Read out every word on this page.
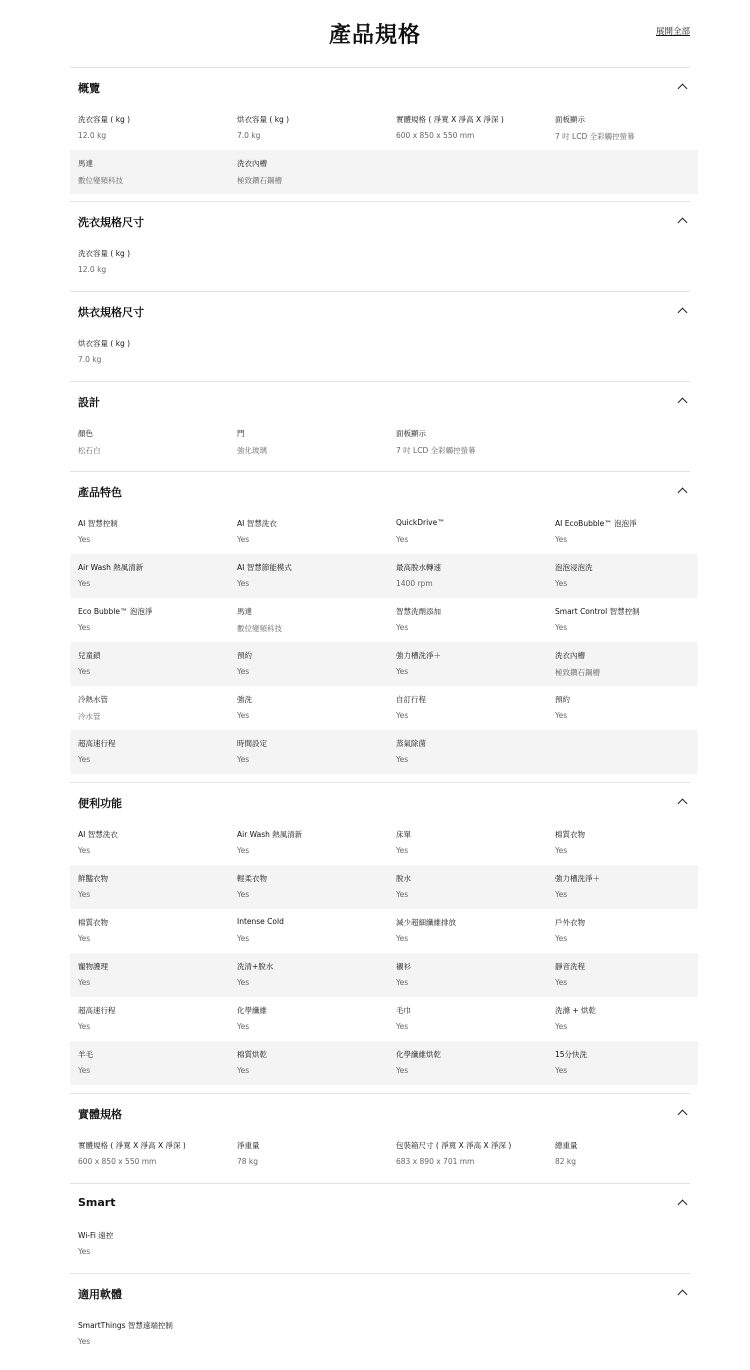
產品規格	展開全部
概覽
洗衣容量 ( kg )
12.0 kg
烘衣容量 ( kg )
7.0 kg
實體規格 ( 淨寬 X 淨高 X 淨深 )
600 x 850 x 550 mm
面板顯示
7 吋 LCD 全彩觸控螢幕
馬達
數位變頻科技
洗衣內槽
極致鑽石鋼槽
洗衣規格尺寸
洗衣容量 ( kg )
12.0 kg
烘衣規格尺寸
烘衣容量 ( kg )
7.0 kg
設計
顏色
松石白
門
強化玻璃
面板顯示
7 吋 LCD 全彩觸控螢幕
產品特色
AI 智慧控制
Yes
AI 智慧洗衣
Yes
QuickDrive™
Yes
AI EcoBubble™ 泡泡淨
Yes
Air Wash 熱風清新
Yes
AI 智慧節能模式
Yes
最高脫水轉速
1400 rpm
泡泡浸泡洗
Yes
Eco Bubble™ 泡泡淨
Yes
馬達
數位變頻科技
智慧洗劑添加
Yes
Smart Control 智慧控制
Yes
兒童鎖
Yes
預約
Yes
強力槽洗淨＋
Yes
洗衣內槽
極致鑽石鋼槽
冷熱水管
冷水管
強洗
Yes
自訂行程
Yes
預約
Yes
超高速行程
Yes
時間設定
Yes
蒸氣除菌
Yes
便利功能
AI 智慧洗衣
Yes
Air Wash 熱風清新
Yes
床單
Yes
棉質衣物
Yes
鮮豔衣物
Yes
輕柔衣物
Yes
脫水
Yes
強力槽洗淨＋
Yes
棉質衣物
Yes
Intense Cold
Yes
減少超細纖維排放
Yes
戶外衣物
Yes
寵物護理
Yes
洗清+脫水
Yes
襯衫
Yes
靜音洗程
Yes
超高速行程
Yes
化學纖維
Yes
毛巾
Yes
洗滌 + 烘乾
Yes
羊毛
Yes
棉質烘乾
Yes
化學纖維烘乾
Yes
15分快洗
Yes
實體規格
實體規格 ( 淨寬 X 淨高 X 淨深 )
600 x 850 x 550 mm
淨重量
78 kg
包裝箱尺寸 ( 淨寬 X 淨高 X 淨深 )
683 x 890 x 701 mm
總重量
82 kg
Smart
Wi-Fi 遠控
Yes
適用軟體
SmartThings 智慧遠端控制
Yes
